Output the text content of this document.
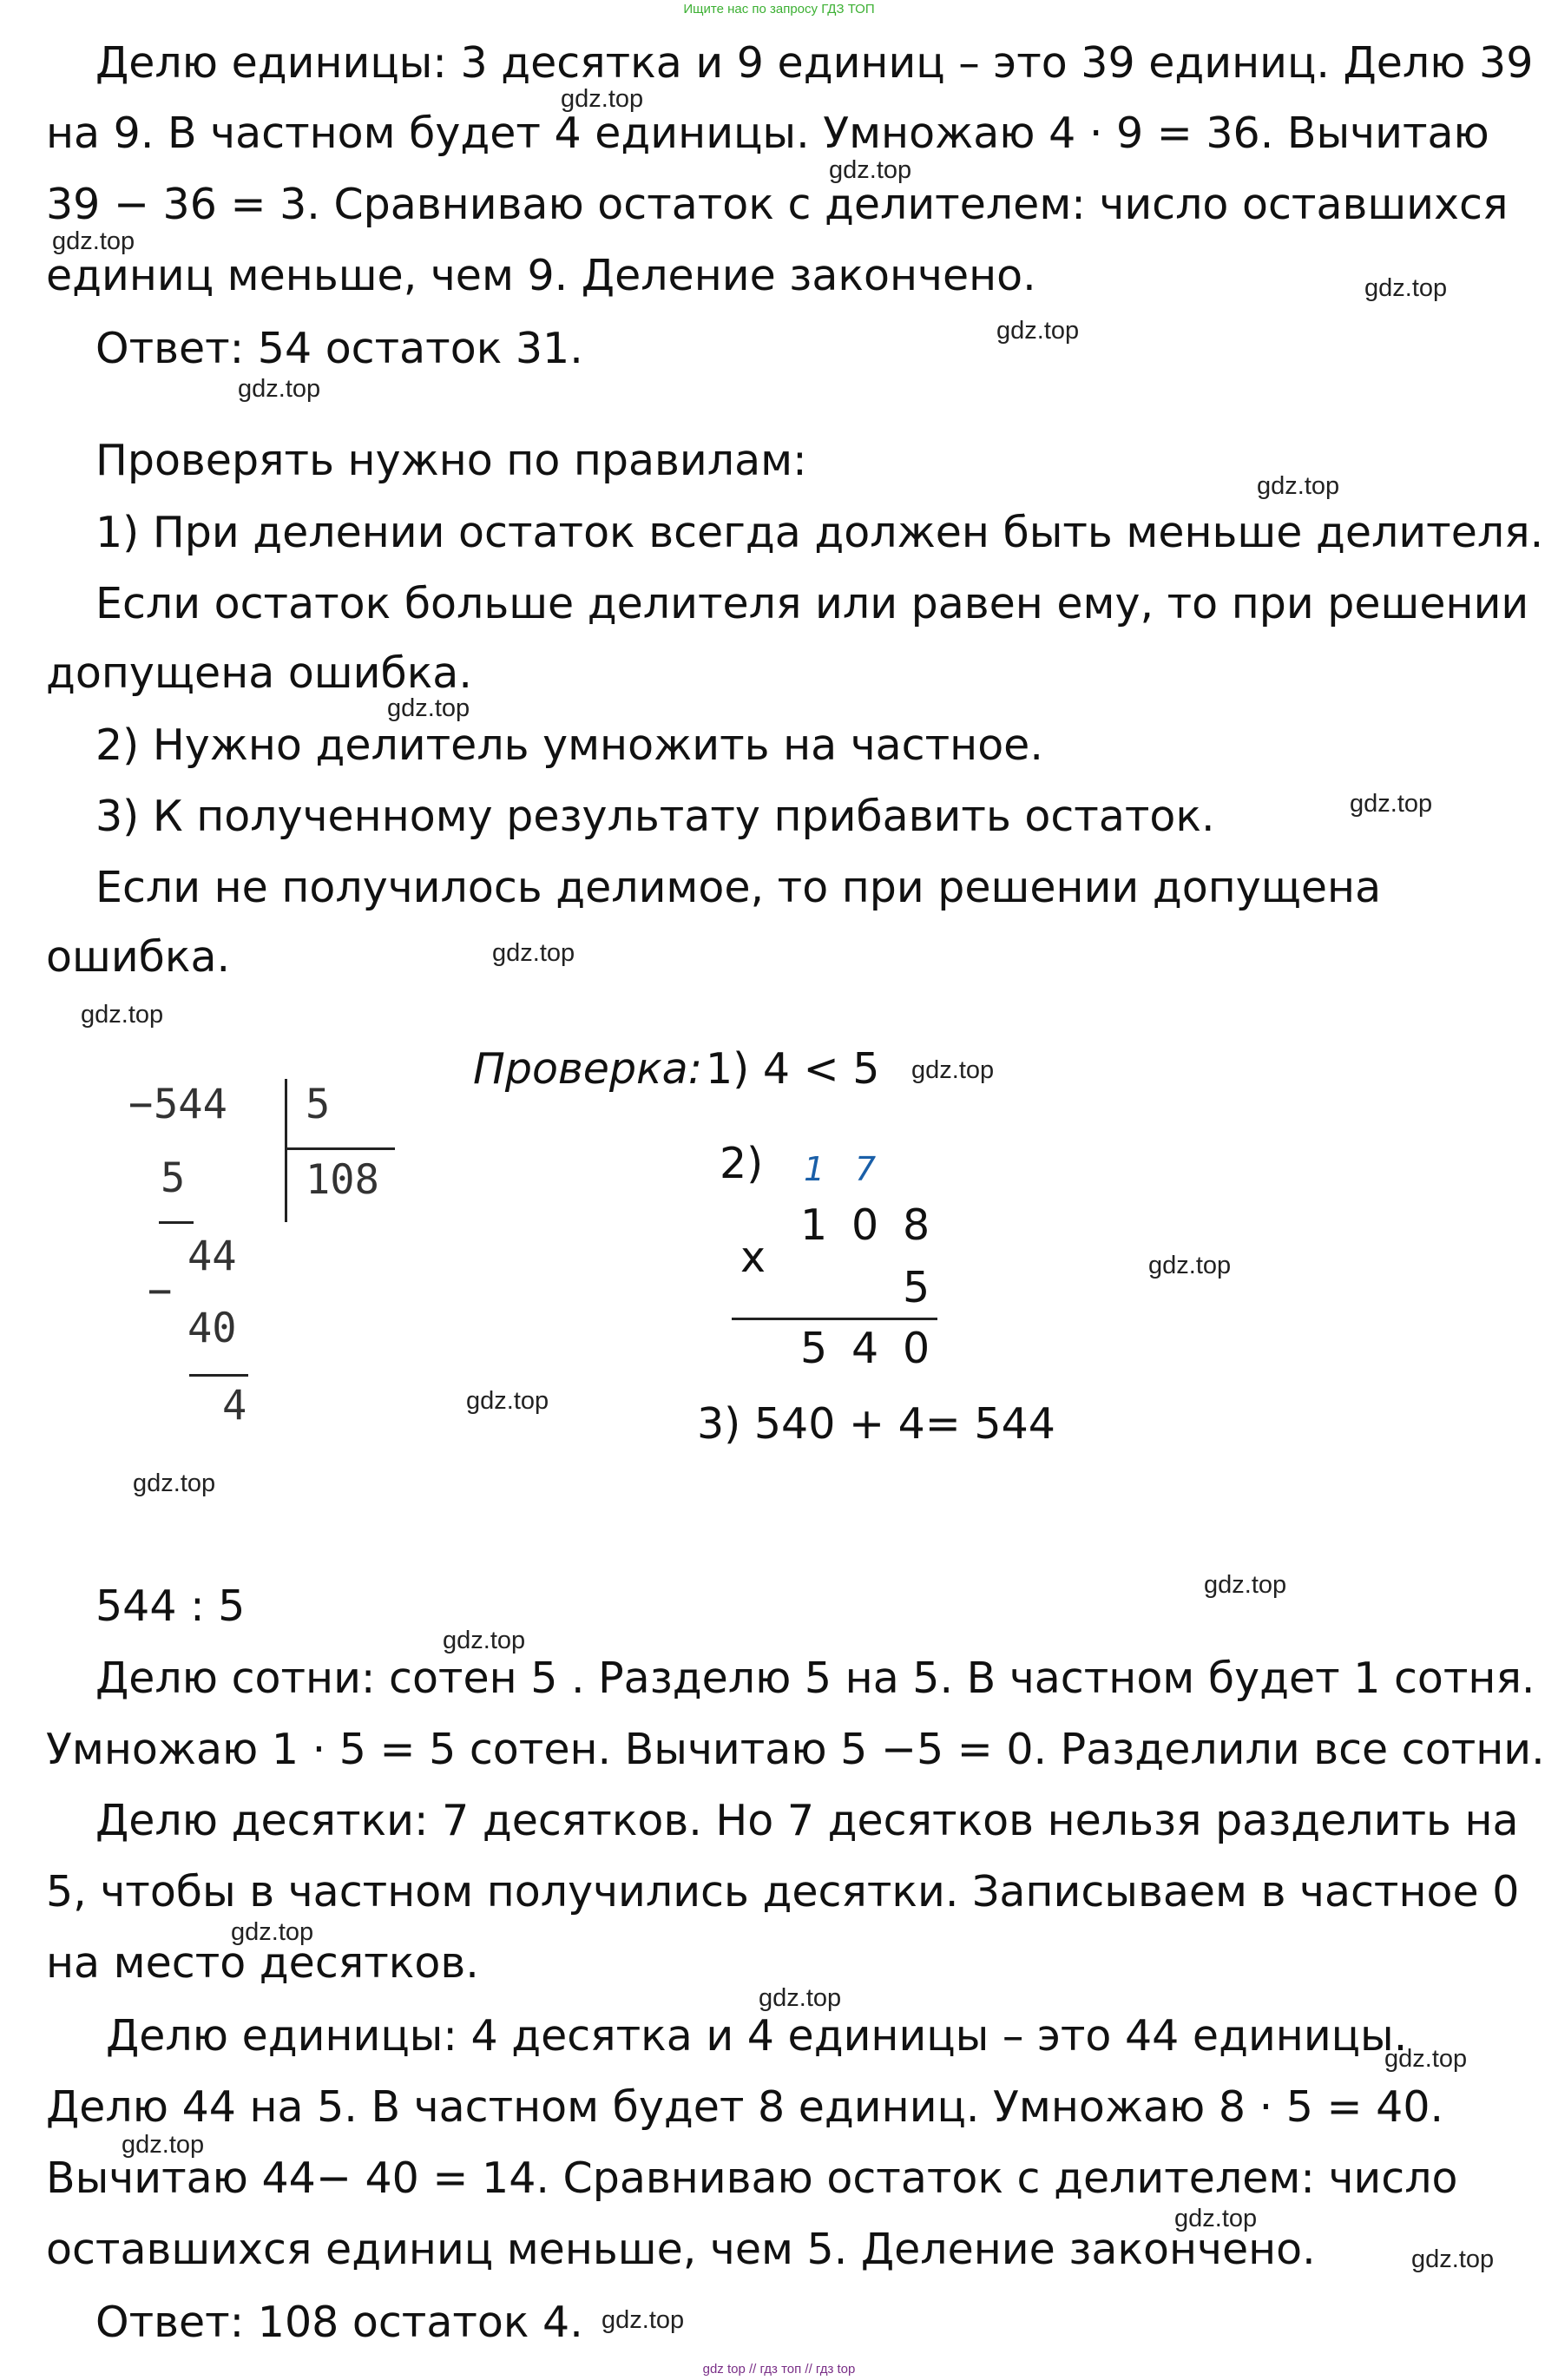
Ищите нас по запросу ГДЗ ТОП
Делю единицы: 3 десятка и 9 единиц – это 39 единиц. Делю 39
на 9. В частном будет 4 единицы. Умножаю 4 · 9 = 36. Вычитаю
39 − 36 = 3. Сравниваю остаток с делителем: число оставшихся
единиц меньше, чем 9. Деление закончено.
Ответ: 54 остаток 31.
Проверять нужно по правилам:
1) При делении остаток всегда должен быть меньше делителя.
Если остаток больше делителя или равен ему, то при решении
допущена ошибка.
2) Нужно делитель умножить на частное.
3) К полученному результату прибавить остаток.
Если не получилось делимое, то при решении допущена
ошибка.
− 544 5
5	108
−
44
40
4
Проверка: 1) 4 < 5
2) 1 7
1 0 8
x
5
5 4 0
3) 540 + 4= 544
544 : 5
Делю сотни: сотен 5 . Разделю 5 на 5. В частном будет 1 сотня.
Умножаю 1 · 5 = 5 сотен. Вычитаю 5 −5 = 0. Разделили все сотни.
Делю десятки: 7 десятков. Но 7 десятков нельзя разделить на
5, чтобы в частном получились десятки. Записываем в частное 0
на место десятков.
Делю единицы: 4 десятка и 4 единицы – это 44 единицы.
Делю 44 на 5. В частном будет 8 единиц. Умножаю 8 · 5 = 40.
Вычитаю 44− 40 = 14. Сравниваю остаток с делителем: число
оставшихся единиц меньше, чем 5. Деление закончено.
Ответ: 108 остаток 4.
gdz.top
gdz.top
gdz.top
gdz.top
gdz.top
gdz.top
gdz.top
gdz.top
gdz.top
gdz.top
gdz.top
gdz.top
gdz.top
gdz.top
gdz.top
gdz.top
gdz.top
gdz.top
gdz.top
gdz.top
gdz.top
gdz.top
gdz.top
gdz.top
gdz top // гдз топ // гдз top
